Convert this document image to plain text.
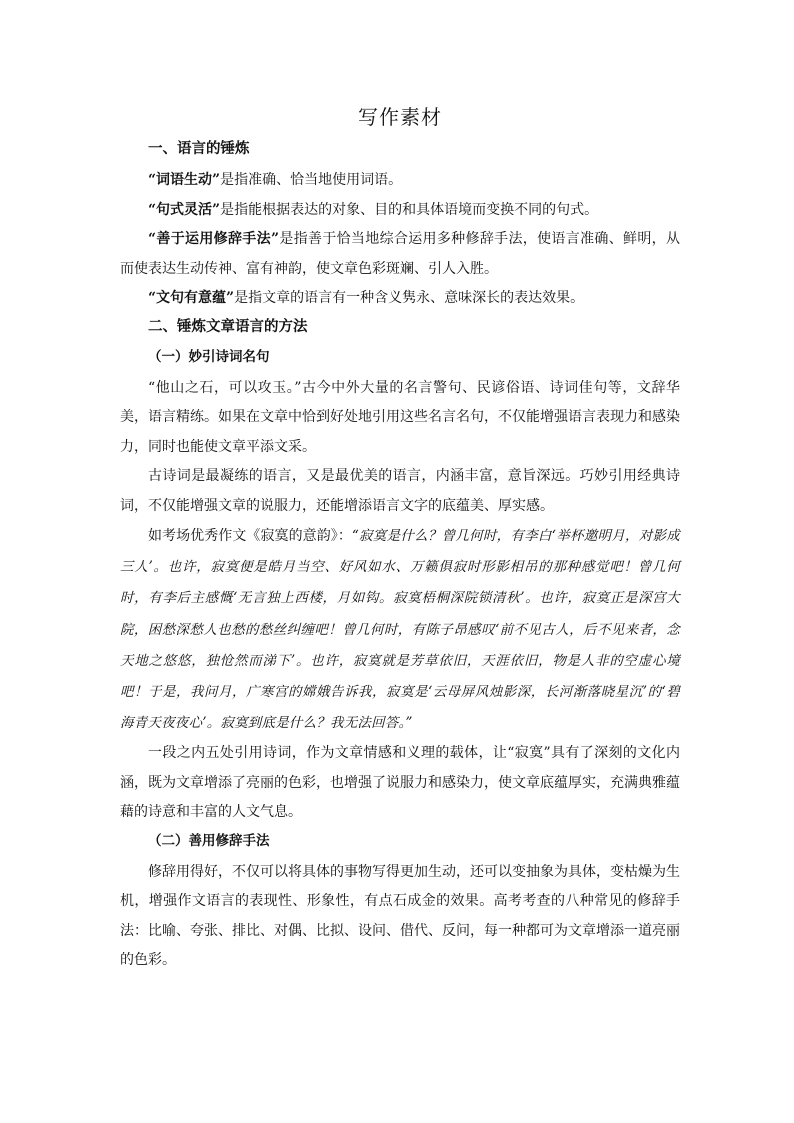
写作素材
一、语言的锤炼

“词语生动”是指准确、恰当地使用词语。

“句式灵活”是指能根据表达的对象、目的和具体语境而变换不同的句式。

“善于运用修辞手法”是指善于恰当地综合运用多种修辞手法，使语言准确、鲜明，从而使表达生动传神、富有神韵，使文章色彩斑斓、引人入胜。

“文句有意蕴”是指文章的语言有一种含义隽永、意味深长的表达效果。

二、锤炼文章语言的方法
（一）妙引诗词名句

“他山之石，可以攻玉。”古今中外大量的名言警句、民谚俗语、诗词佳句等，文辞华美，语言精练。如果在文章中恰到好处地引用这些名言名句，不仅能增强语言表现力和感染力，同时也能使文章平添文采。

古诗词是最凝练的语言，又是最优美的语言，内涵丰富，意旨深远。巧妙引用经典诗词，不仅能增强文章的说服力，还能增添语言文字的底蕴美、厚实感。

如考场优秀作文《寂寞的意韵》：“寂寞是什么？曾几何时，有李白‘举杯邀明月，对影成三人’。也许，寂寞便是皓月当空、好风如水、万籁俱寂时形影相吊的那种感觉吧！曾几何时，有李后主感慨‘无言独上西楼，月如钩。寂寞梧桐深院锁清秋’。也许，寂寞正是深宫大院，困愁深愁人也愁的愁丝纠缠吧！曾几何时，有陈子昂感叹‘前不见古人，后不见来者，念天地之悠悠，独怆然而涕下’。也许，寂寞就是芳草依旧，天涯依旧，物是人非的空虚心境吧！于是，我问月，广寒宫的嫦娥告诉我，寂寞是‘云母屏风烛影深，长河渐落晓星沉’的‘碧海青天夜夜心’。寂寞到底是什么？我无法回答。”

一段之内五处引用诗词，作为文章情感和义理的载体，让“寂寞”具有了深刻的文化内涵，既为文章增添了亮丽的色彩，也增强了说服力和感染力，使文章底蕴厚实，充满典雅蕴藉的诗意和丰富的人文气息。

（二）善用修辞手法

修辞用得好，不仅可以将具体的事物写得更加生动，还可以变抽象为具体，变枯燥为生机，增强作文语言的表现性、形象性，有点石成金的效果。高考考查的八种常见的修辞手法：比喻、夸张、排比、对偶、比拟、设问、借代、反问，每一种都可为文章增添一道亮丽的色彩。
